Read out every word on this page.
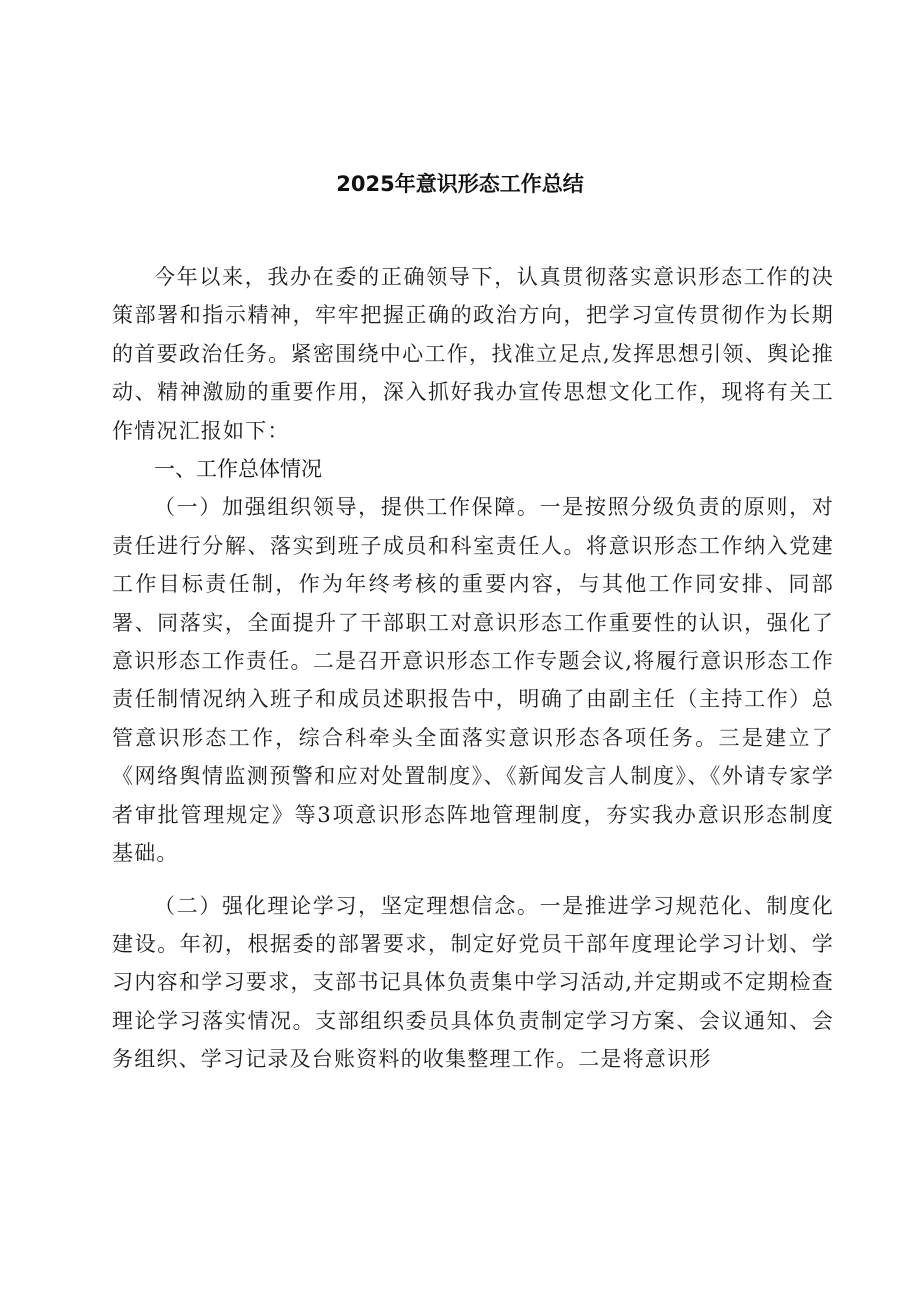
2025年意识形态工作总结

今年以来，我办在委的正确领导下，认真贯彻落实意识形态工作的决策部署和指示精神，牢牢把握正确的政治方向，把学习宣传贯彻作为长期的首要政治任务。紧密围绕中心工作，找准立足点,发挥思想引领、舆论推动、精神激励的重要作用，深入抓好我办宣传思想文化工作，现将有关工作情况汇报如下：

一、工作总体情况

（一）加强组织领导，提供工作保障。一是按照分级负责的原则，对责任进行分解、落实到班子成员和科室责任人。将意识形态工作纳入党建工作目标责任制，作为年终考核的重要内容，与其他工作同安排、同部署、同落实，全面提升了干部职工对意识形态工作重要性的认识，强化了意识形态工作责任。二是召开意识形态工作专题会议,将履行意识形态工作责任制情况纳入班子和成员述职报告中，明确了由副主任（主持工作）总管意识形态工作，综合科牵头全面落实意识形态各项任务。三是建立了《网络舆情监测预警和应对处置制度》、《新闻发言人制度》、《外请专家学者审批管理规定》等3项意识形态阵地管理制度，夯实我办意识形态制度基础。

（二）强化理论学习，坚定理想信念。一是推进学习规范化、制度化建设。年初，根据委的部署要求，制定好党员干部年度理论学习计划、学习内容和学习要求，支部书记具体负责集中学习活动,并定期或不定期检查理论学习落实情况。支部组织委员具体负责制定学习方案、会议通知、会务组织、学习记录及台账资料的收集整理工作。二是将意识形
